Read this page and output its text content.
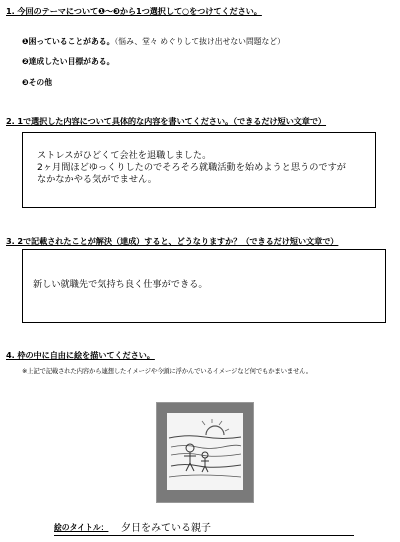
1. 今回のテーマについて❶～❸から1つ選択して○をつけてください。
❶困っていることがある。（悩み、堂々 めぐりして抜け出せない問題など）
❷達成したい目標がある。
❸その他
2. 1で選択した内容について具体的な内容を書いてください。（できるだけ短い文章で）

ストレスがひどくて会社を退職しました。
2ヶ月間ほどゆっくりしたのでそろそろ就職活動を始めようと思うのですが
なかなかやる気がでません。

3. 2で記載されたことが解決（達成）すると、どうなりますか？（できるだけ短い文章で）

新しい就職先で気持ち良く仕事ができる。

4. 枠の中に自由に絵を描いてください。
※上記で記載された内容から連想したイメージや今頭に浮かんでいるイメージなど何でもかまいません。
絵のタイトル： 夕日をみている親子
